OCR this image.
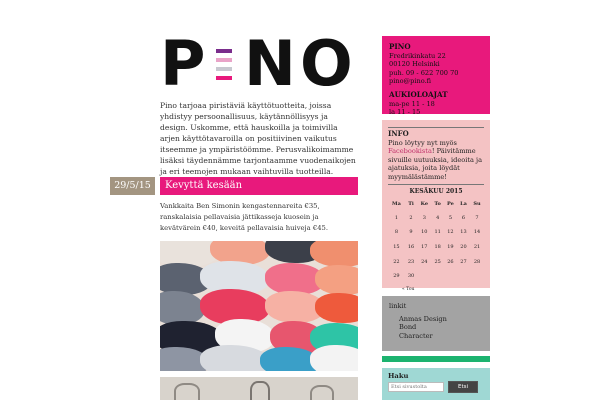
P N O

Pino tarjoaa piristäviä käyttötuotteita, joissa yhdistyy persoonallisuus, käytännöllisyys ja design. Uskomme, että hauskoilla ja toimivilla arjen käyttötavaroilla on positiivinen vaikutus itseemme ja ympäristöömme. Perusvalikoimamme lisäksi täydennämme tarjontaamme vuodenaikojen ja eri teemojen mukaan vaihtuvilla tuotteilla.

29/5/15	Kevyttä kesään

Vankkaita Ben Simonin kengastennareita €35, ranskalaisia pellavaisia jättikasseja kuosein ja kevätvärein €40, keveitä pellavaisia huiveja €45.

PINO
Fredrikinkatu 22
00120 Helsinki
puh. 09 - 622 700 70
pino@pino.fi
AUKIOLOAJAT
ma-pe 11 - 18
la 11 - 15
INFO
Pino löytyy nyt myös Facebookista! Päivitämme sivuille uutuuksia, ideoita ja ajatuksia, joita löydät myymälästämme!
KESÄKUU 2015
Ma	Ti	Ke	To	Pe	La	Su
1	2	3	4	5	6	7
8	9	10	11	12	13	14
15	16	17	18	19	20	21
22	23	24	25	26	27	28
29	30					
« Tou
linkit
Anmas Design
Bond
Character
Haku
Etsi sivustolta
Etsi
